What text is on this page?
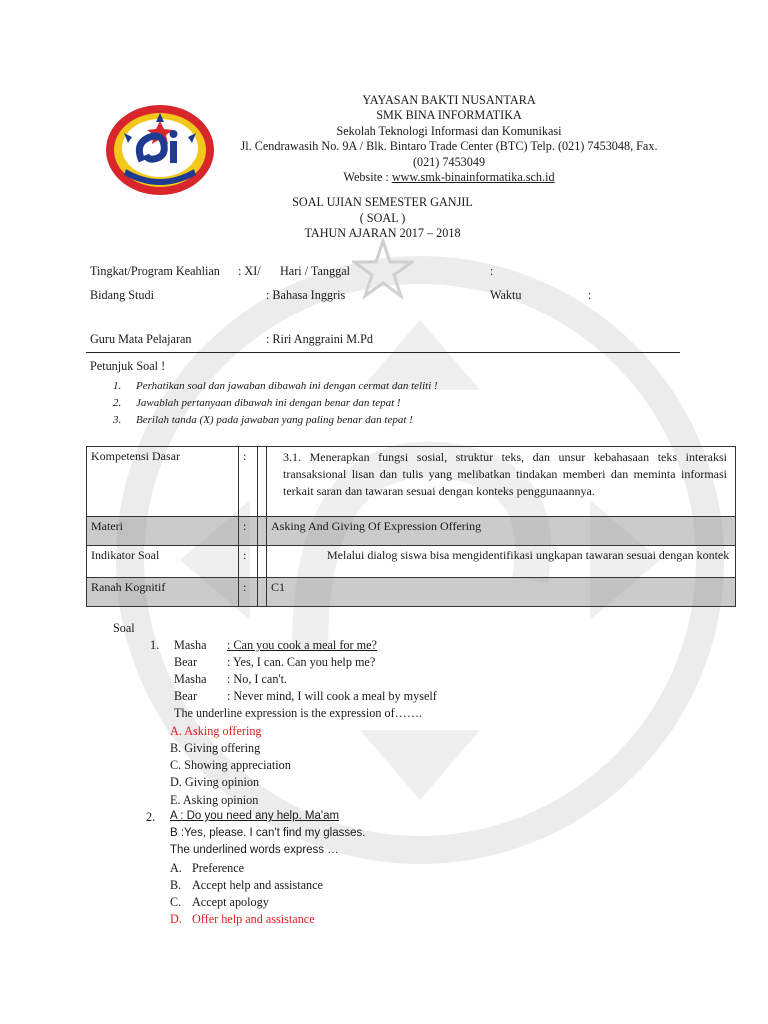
YAYASAN BAKTI NUSANTARA
SMK BINA INFORMATIKA
Sekolah Teknologi Informasi dan Komunikasi
Jl. Cendrawasih No. 9A / Blk. Bintaro Trade Center (BTC) Telp. (021) 7453048, Fax.
(021) 7453049
Website : www.smk-binainformatika.sch.id
SOAL UJIAN SEMESTER GANJIL
( SOAL )
TAHUN AJARAN 2017 – 2018
Tingkat/Program Keahlian : XI/ Hari / Tanggal	:
Bidang Studi	: Bahasa Inggris	Waktu	:
Guru Mata Pelajaran	: Riri Anggraini M.Pd
Petunjuk Soal !
1. Perhatikan soal dan jawaban dibawah ini dengan cermat dan teliti !
2. Jawablah pertanyaan dibawah ini dengan benar dan tepat !
3. Berilah tanda (X) pada jawaban yang paling benar dan tepat !
Kompetensi Dasar	:		3.1. Menerapkan fungsi sosial, struktur teks, dan unsur kebahasaan teks interaksi transaksional lisan dan tulis yang melibatkan tindakan memberi dan meminta informasi terkait saran dan tawaran sesuai dengan konteks penggunaannya.
Materi	:		Asking And Giving Of Expression Offering
Indikator Soal	:		Melalui dialog siswa bisa mengidentifikasi ungkapan tawaran sesuai dengan kontek
Ranah Kognitif	:		C1
Soal
1. Masha : Can you cook a meal for me?
Bear : Yes, I can. Can you help me?
Masha : No, I can't.
Bear : Never mind, I will cook a meal by myself
The underline expression is the expression of…….
A. Asking offering
B. Giving offering
C. Showing appreciation
D. Giving opinion
E. Asking opinion
2. A : Do you need any help. Ma'am
B :Yes, please. I can't find my glasses.
The underlined words express …
A. Preference
B. Accept help and assistance
C. Accept apology
D. Offer help and assistance
